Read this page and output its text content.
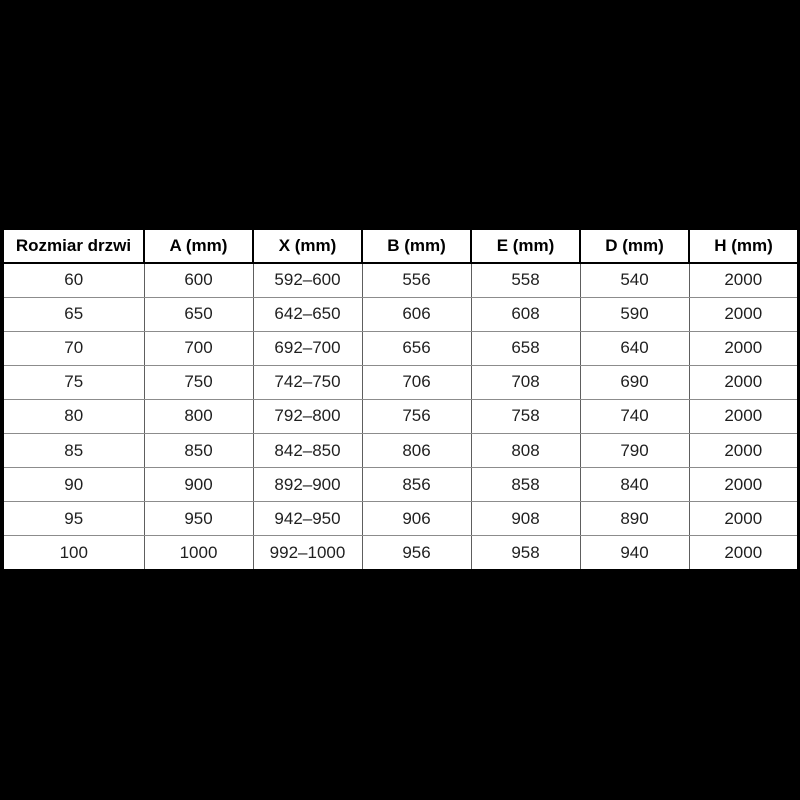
Rozmiar drzwi	A (mm)	X (mm)	B (mm)	E (mm)	D (mm)	H (mm)
60	600	592–600	556	558	540	2000
65	650	642–650	606	608	590	2000
70	700	692–700	656	658	640	2000
75	750	742–750	706	708	690	2000
80	800	792–800	756	758	740	2000
85	850	842–850	806	808	790	2000
90	900	892–900	856	858	840	2000
95	950	942–950	906	908	890	2000
100	1000	992–1000	956	958	940	2000
